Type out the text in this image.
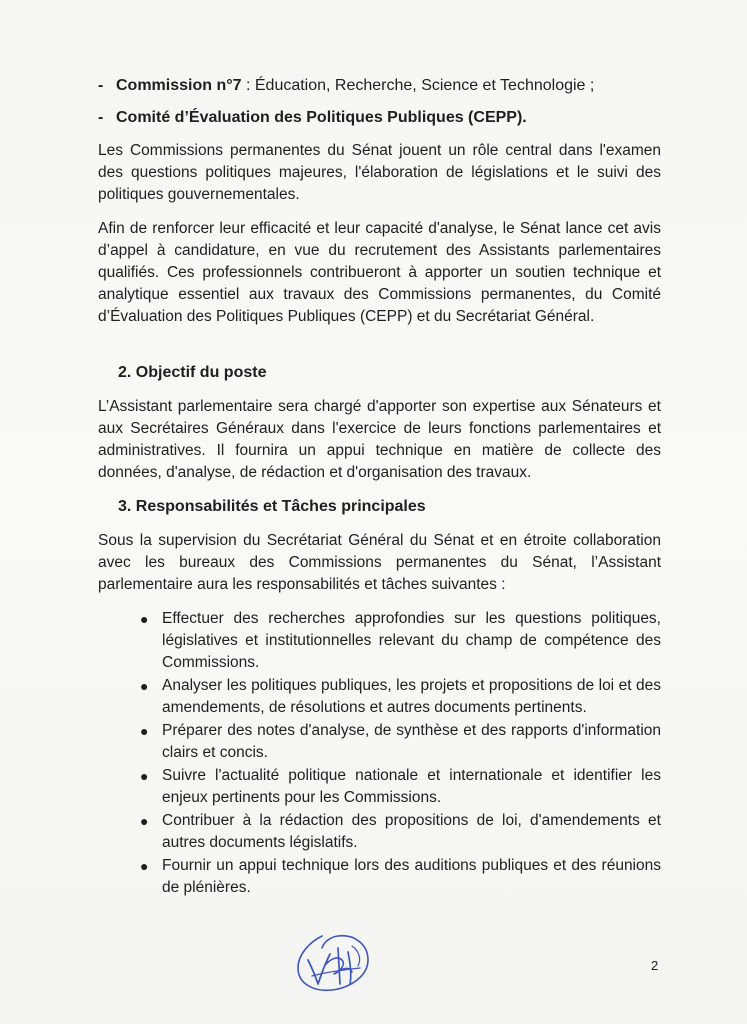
- Commission n°7 : Éducation, Recherche, Science et Technologie ;
- Comité d’Évaluation des Politiques Publiques (CEPP).

Les Commissions permanentes du Sénat jouent un rôle central dans l'examen des questions politiques majeures, l'élaboration de législations et le suivi des politiques gouvernementales.

Afin de renforcer leur efficacité et leur capacité d'analyse, le Sénat lance cet avis d’appel à candidature, en vue du recrutement des Assistants parlementaires qualifiés. Ces professionnels contribueront à apporter un soutien technique et analytique essentiel aux travaux des Commissions permanentes, du Comité d’Évaluation des Politiques Publiques (CEPP) et du Secrétariat Général.

2. Objectif du poste

L’Assistant parlementaire sera chargé d'apporter son expertise aux Sénateurs et aux Secrétaires Généraux dans l'exercice de leurs fonctions parlementaires et administratives. Il fournira un appui technique en matière de collecte des données, d'analyse, de rédaction et d'organisation des travaux.

3. Responsabilités et Tâches principales

Sous la supervision du Secrétariat Général du Sénat et en étroite collaboration avec les bureaux des Commissions permanentes du Sénat, l’Assistant parlementaire aura les responsabilités et tâches suivantes :

● Effectuer des recherches approfondies sur les questions politiques, législatives et institutionnelles relevant du champ de compétence des Commissions.
● Analyser les politiques publiques, les projets et propositions de loi et des amendements, de résolutions et autres documents pertinents.
● Préparer des notes d'analyse, de synthèse et des rapports d'information clairs et concis.
● Suivre l'actualité politique nationale et internationale et identifier les enjeux pertinents pour les Commissions.
● Contribuer à la rédaction des propositions de loi, d'amendements et autres documents législatifs.
● Fournir un appui technique lors des auditions publiques et des réunions de plénières.
2
